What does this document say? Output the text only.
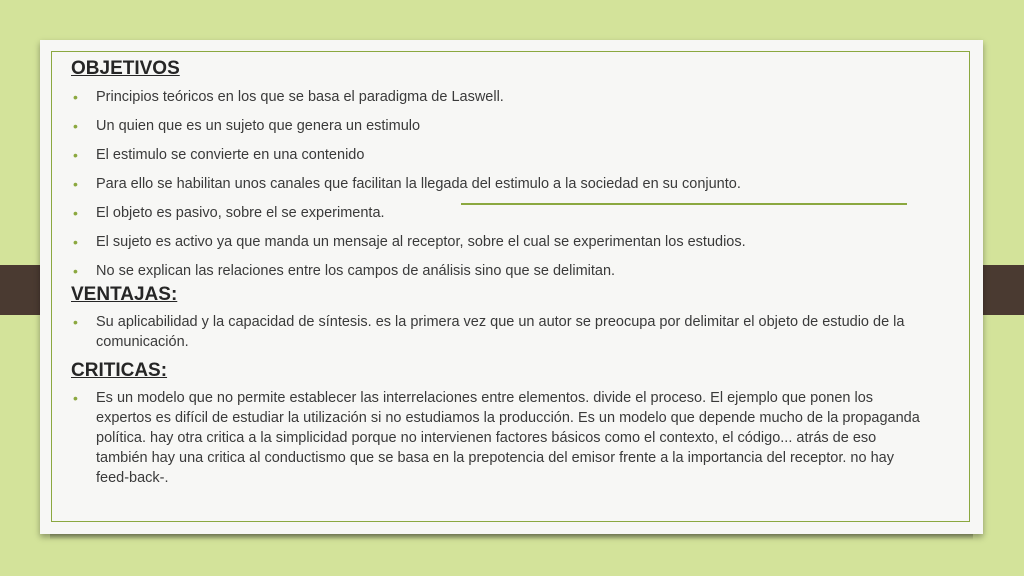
OBJETIVOS
• Principios teóricos en los que se basa el paradigma de Laswell.
• Un quien que es un sujeto que genera un estimulo
• El estimulo se convierte en una contenido
• Para ello se habilitan unos canales que facilitan la llegada del estimulo a la sociedad en su conjunto.
• El objeto es pasivo, sobre el se experimenta.
• El sujeto es activo ya que manda un mensaje al receptor, sobre el cual se experimentan los estudios.
• No se explican las relaciones entre los campos de análisis sino que se delimitan.
VENTAJAS:
• Su aplicabilidad y la capacidad de síntesis. es la primera vez que un autor se preocupa por delimitar el objeto de estudio de la comunicación.
CRITICAS:
• Es un modelo que no permite establecer las interrelaciones entre elementos. divide el proceso. El ejemplo que ponen los expertos es difícil de estudiar la utilización si no estudiamos la producción. Es un modelo que depende mucho de la propaganda política. hay otra critica a la simplicidad porque no intervienen factores básicos como el contexto, el código... atrás de eso también hay una critica al conductismo que se basa en la prepotencia del emisor frente a la importancia del receptor. no hay feed-back-.
